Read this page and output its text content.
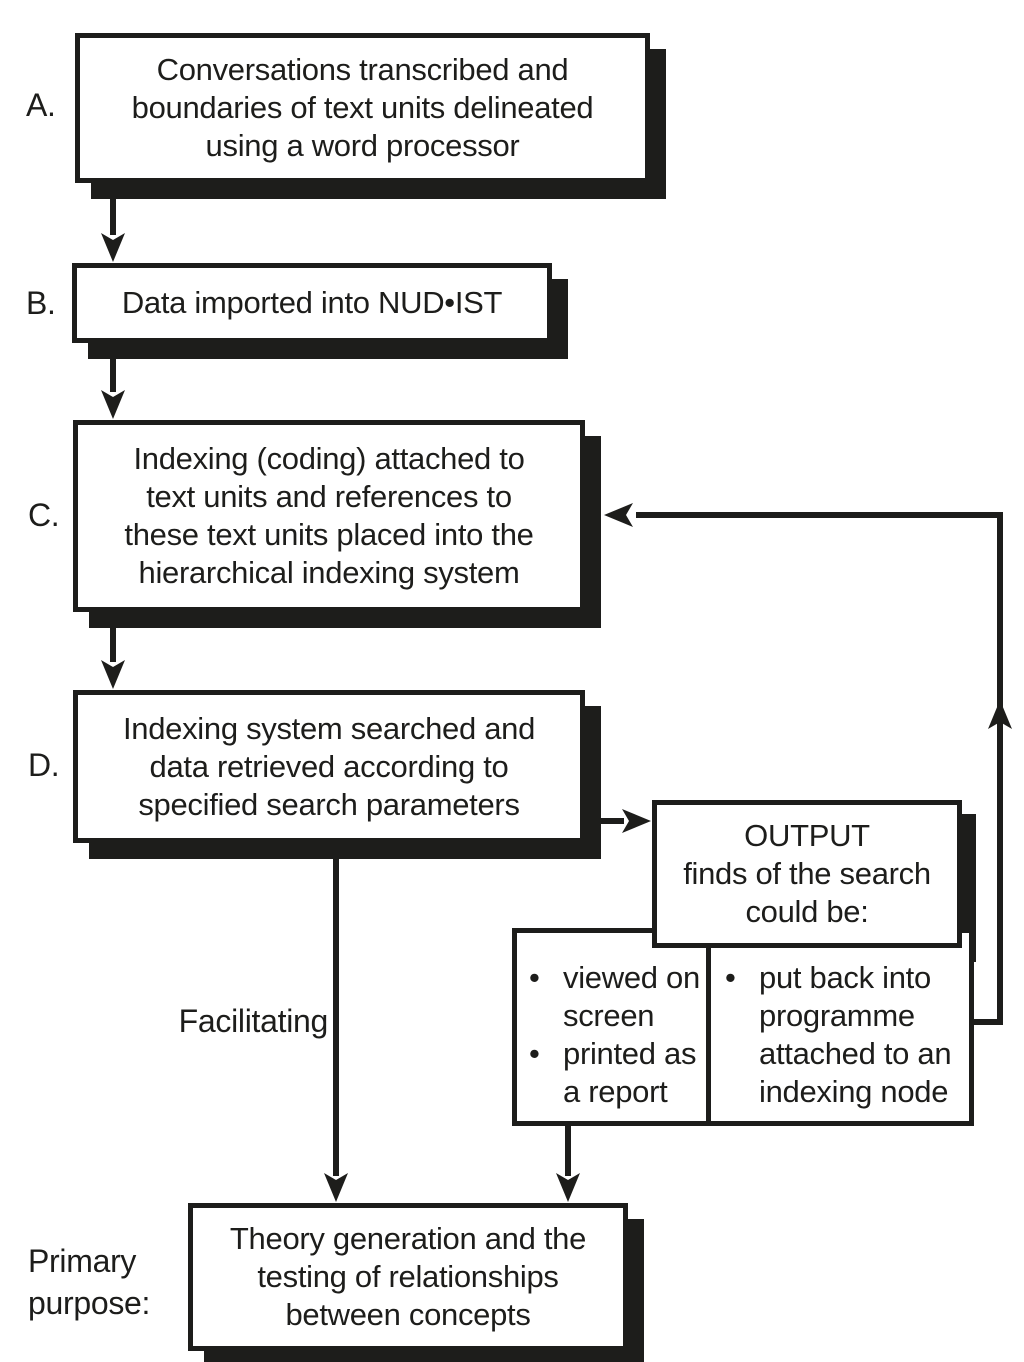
A.
B.
C.
D.
Conversations transcribed and
boundaries of text units delineated
using a word processor
Data imported into NUD•IST
Indexing (coding) attached to
text units and references to
these text units placed into the
hierarchical indexing system
Indexing system searched and
data retrieved according to
specified search parameters
OUTPUT
finds of the search
could be:
• viewed on
screen
• printed as
a report
• put back into
programme
attached to an
indexing node
Facilitating
Primary
purpose:
Theory generation and the
testing of relationships
between concepts
